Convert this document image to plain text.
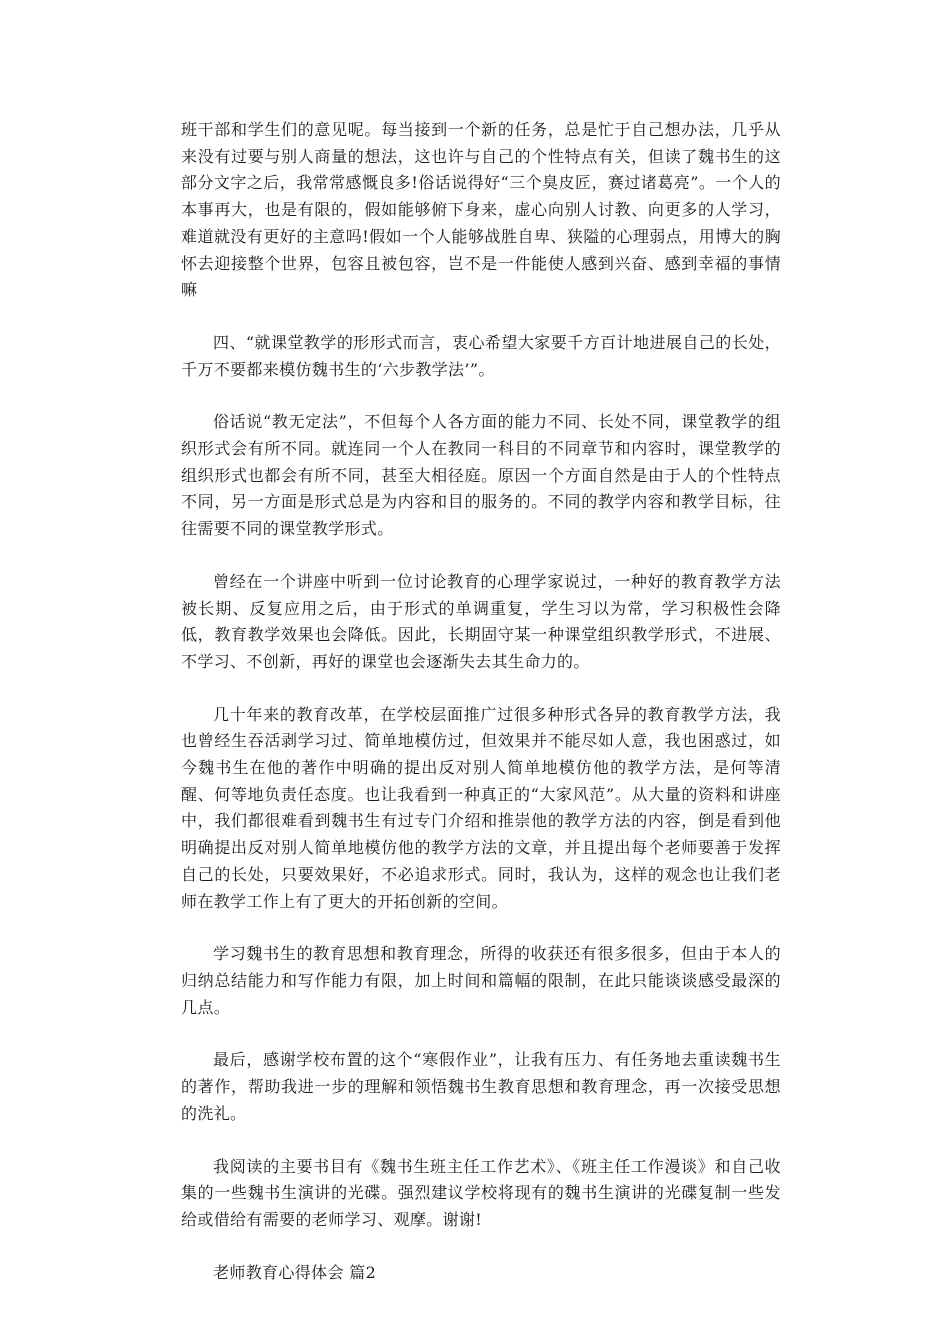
班干部和学生们的意见呢。每当接到一个新的任务，总是忙于自己想办法，几乎从来没有过要与别人商量的想法，这也许与自己的个性特点有关，但读了魏书生的这部分文字之后，我常常感慨良多!俗话说得好“三个臭皮匠，赛过诸葛亮”。一个人的本事再大，也是有限的，假如能够俯下身来，虚心向别人讨教、向更多的人学习，难道就没有更好的主意吗!假如一个人能够战胜自卑、狭隘的心理弱点，用博大的胸怀去迎接整个世界，包容且被包容，岂不是一件能使人感到兴奋、感到幸福的事情嘛

四、“就课堂教学的形形式而言，衷心希望大家要千方百计地进展自己的长处，千万不要都来模仿魏书生的‘六步教学法’”。

俗话说“教无定法”，不但每个人各方面的能力不同、长处不同，课堂教学的组织形式会有所不同。就连同一个人在教同一科目的不同章节和内容时，课堂教学的组织形式也都会有所不同，甚至大相径庭。原因一个方面自然是由于人的个性特点不同，另一方面是形式总是为内容和目的服务的。不同的教学内容和教学目标，往往需要不同的课堂教学形式。

曾经在一个讲座中听到一位讨论教育的心理学家说过，一种好的教育教学方法被长期、反复应用之后，由于形式的单调重复，学生习以为常，学习积极性会降低，教育教学效果也会降低。因此，长期固守某一种课堂组织教学形式，不进展、不学习、不创新，再好的课堂也会逐渐失去其生命力的。

几十年来的教育改革，在学校层面推广过很多种形式各异的教育教学方法，我也曾经生吞活剥学习过、简单地模仿过，但效果并不能尽如人意，我也困惑过，如今魏书生在他的著作中明确的提出反对别人简单地模仿他的教学方法，是何等清醒、何等地负责任态度。也让我看到一种真正的“大家风范”。从大量的资料和讲座中，我们都很难看到魏书生有过专门介绍和推崇他的教学方法的内容，倒是看到他明确提出反对别人简单地模仿他的教学方法的文章，并且提出每个老师要善于发挥自己的长处，只要效果好，不必追求形式。同时，我认为，这样的观念也让我们老师在教学工作上有了更大的开拓创新的空间。

学习魏书生的教育思想和教育理念，所得的收获还有很多很多，但由于本人的归纳总结能力和写作能力有限，加上时间和篇幅的限制，在此只能谈谈感受最深的几点。

最后，感谢学校布置的这个“寒假作业”，让我有压力、有任务地去重读魏书生的著作，帮助我进一步的理解和领悟魏书生教育思想和教育理念，再一次接受思想的洗礼。

我阅读的主要书目有《魏书生班主任工作艺术》、《班主任工作漫谈》和自己收集的一些魏书生演讲的光碟。强烈建议学校将现有的魏书生演讲的光碟复制一些发给或借给有需要的老师学习、观摩。谢谢!

老师教育心得体会 篇2
